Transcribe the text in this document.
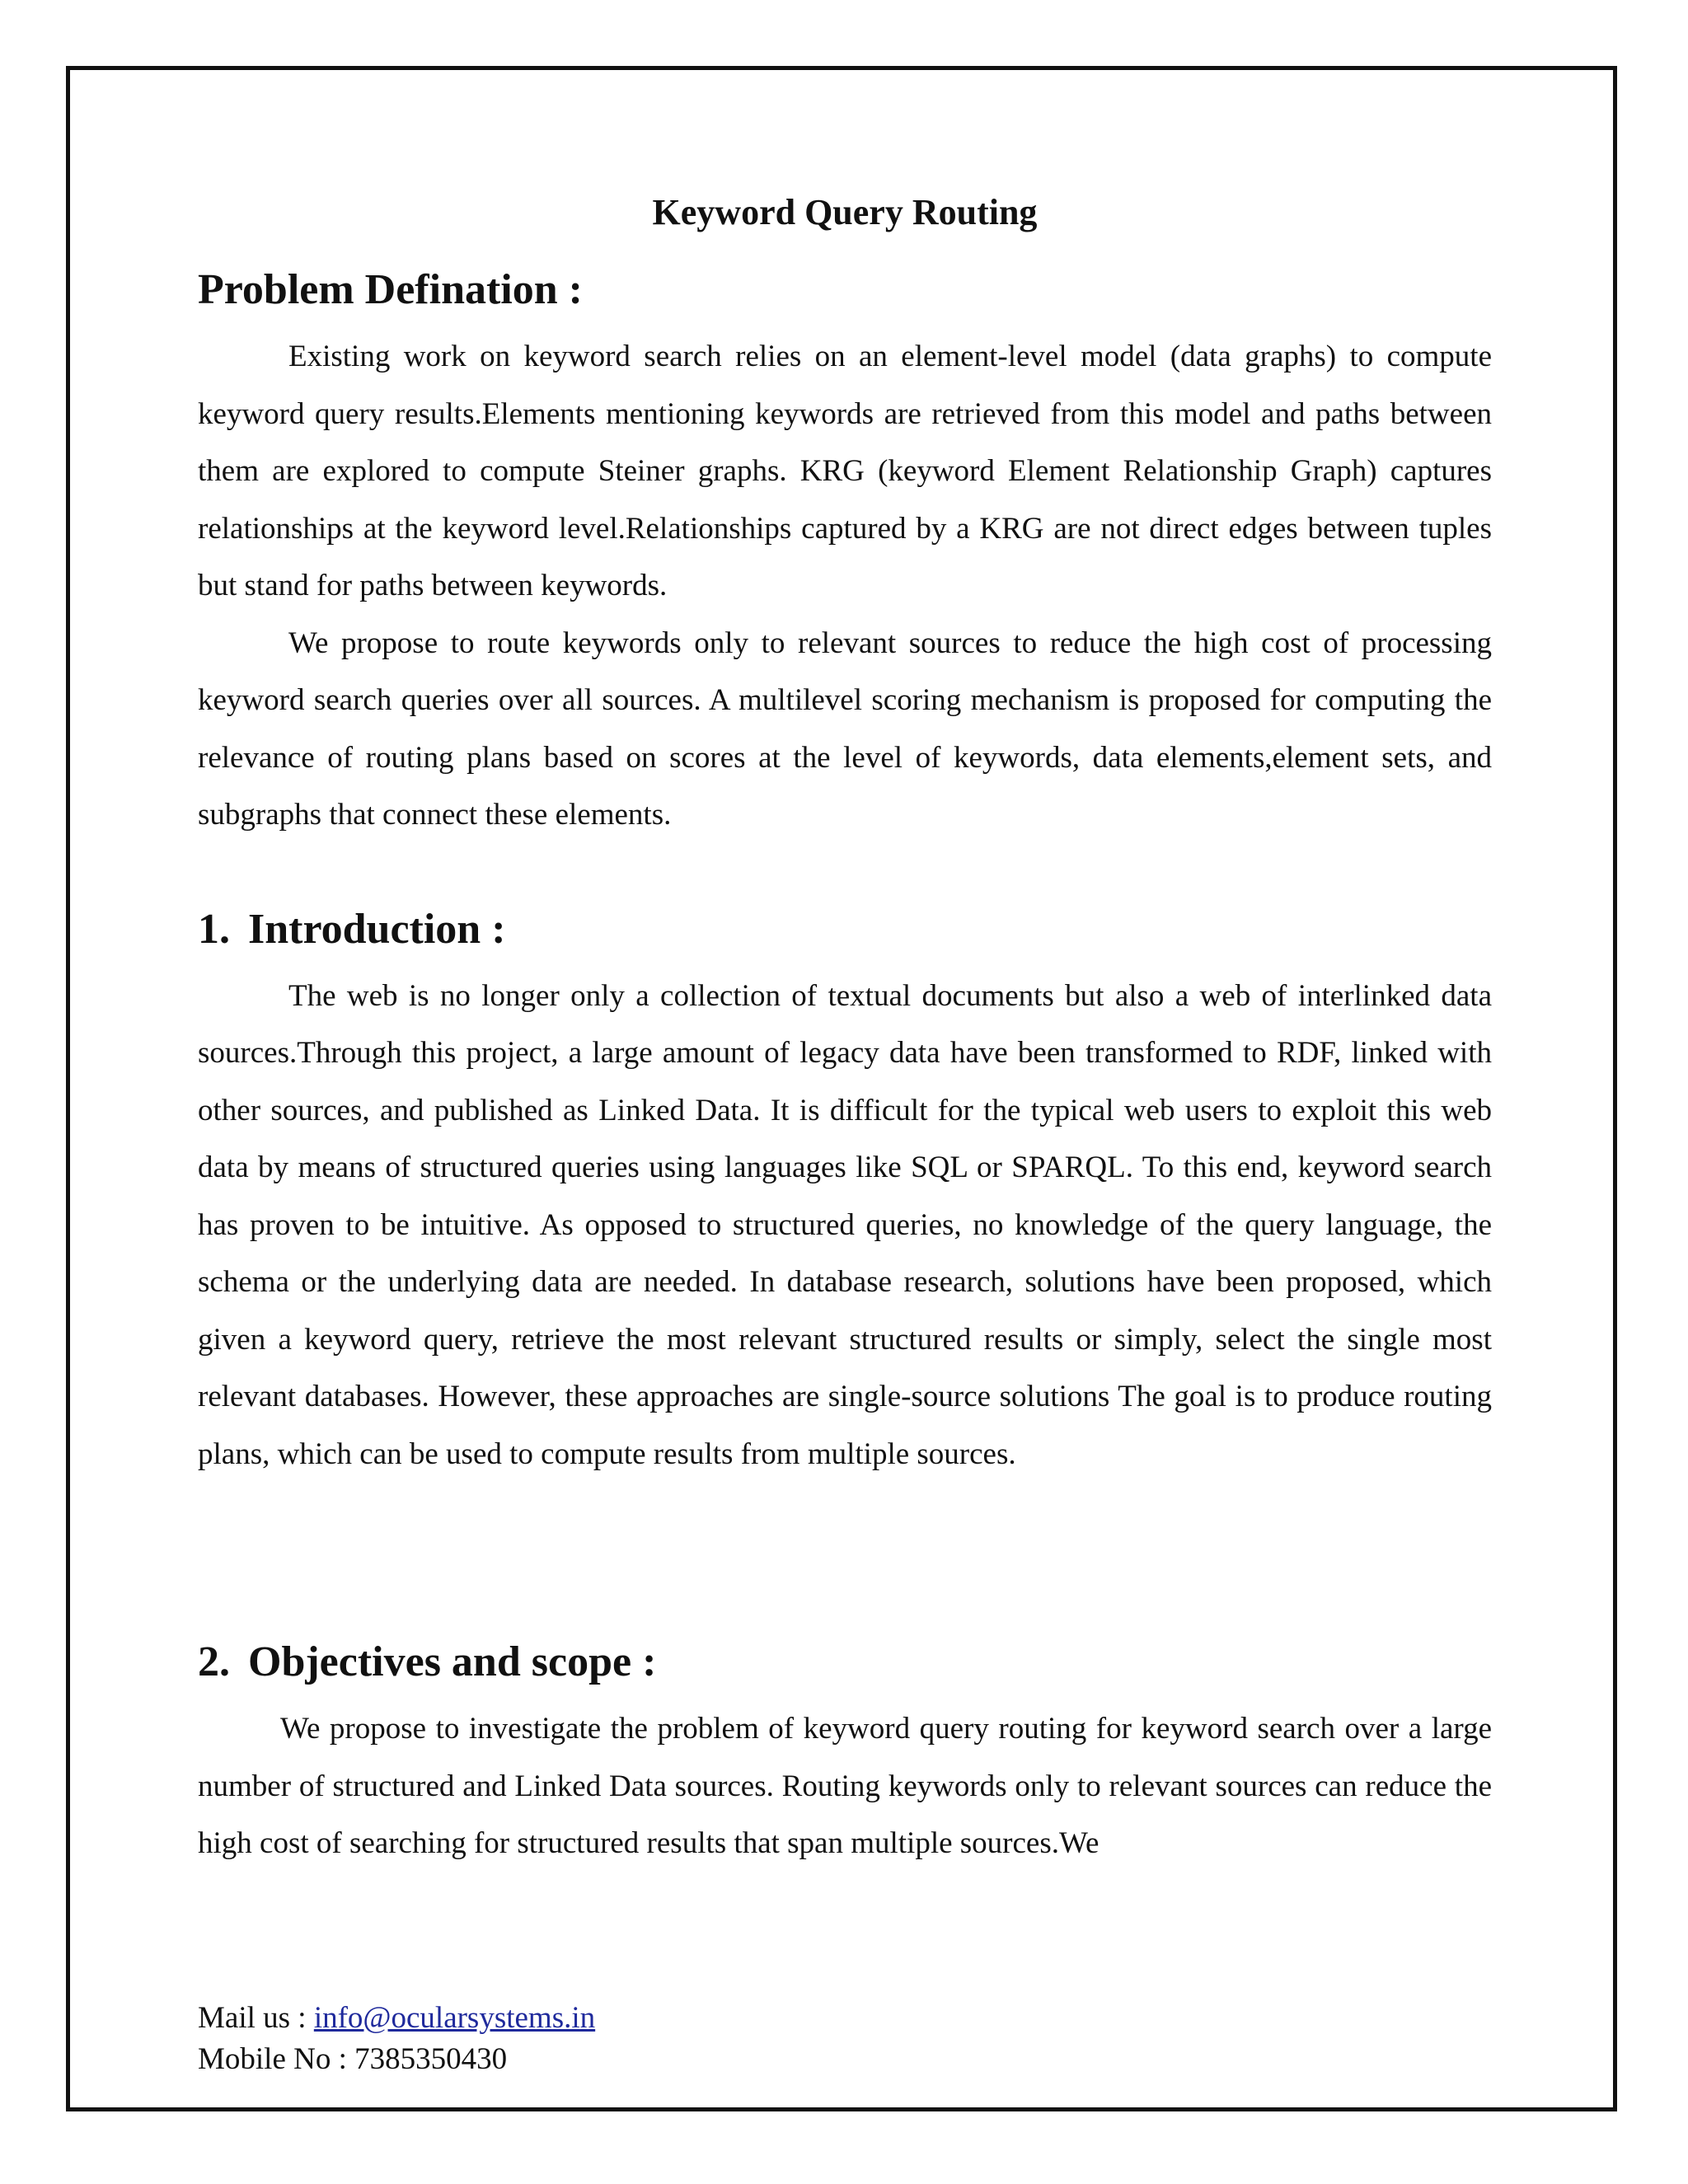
Keyword Query Routing
Problem Defination :

Existing work on keyword search relies on an element-level model (data graphs) to compute keyword query results.Elements mentioning keywords are retrieved from this model and paths between them are explored to compute Steiner graphs. KRG (keyword Element Relationship Graph) captures relationships at the keyword level.Relationships captured by a KRG are not direct edges between tuples but stand for paths between keywords.

We propose to route keywords only to relevant sources to reduce the high cost of processing keyword search queries over all sources. A multilevel scoring mechanism is proposed for computing the relevance of routing plans based on scores at the level of keywords, data elements,element sets, and subgraphs that connect these elements.

1. Introduction :

The web is no longer only a collection of textual documents but also a web of interlinked data sources.Through this project, a large amount of legacy data have been transformed to RDF, linked with other sources, and published as Linked Data. It is difficult for the typical web users to exploit this web data by means of structured queries using languages like SQL or SPARQL. To this end, keyword search has proven to be intuitive. As opposed to structured queries, no knowledge of the query language, the schema or the underlying data are needed. In database research, solutions have been proposed, which given a keyword query, retrieve the most relevant structured results or simply, select the single most relevant databases. However, these approaches are single-source solutions The goal is to produce routing plans, which can be used to compute results from multiple sources.

2. Objectives and scope :

We propose to investigate the problem of keyword query routing for keyword search over a large number of structured and Linked Data sources. Routing keywords only to relevant sources can reduce the high cost of searching for structured results that span multiple sources.We

Mail us : info@ocularsystems.in
Mobile No : 7385350430
